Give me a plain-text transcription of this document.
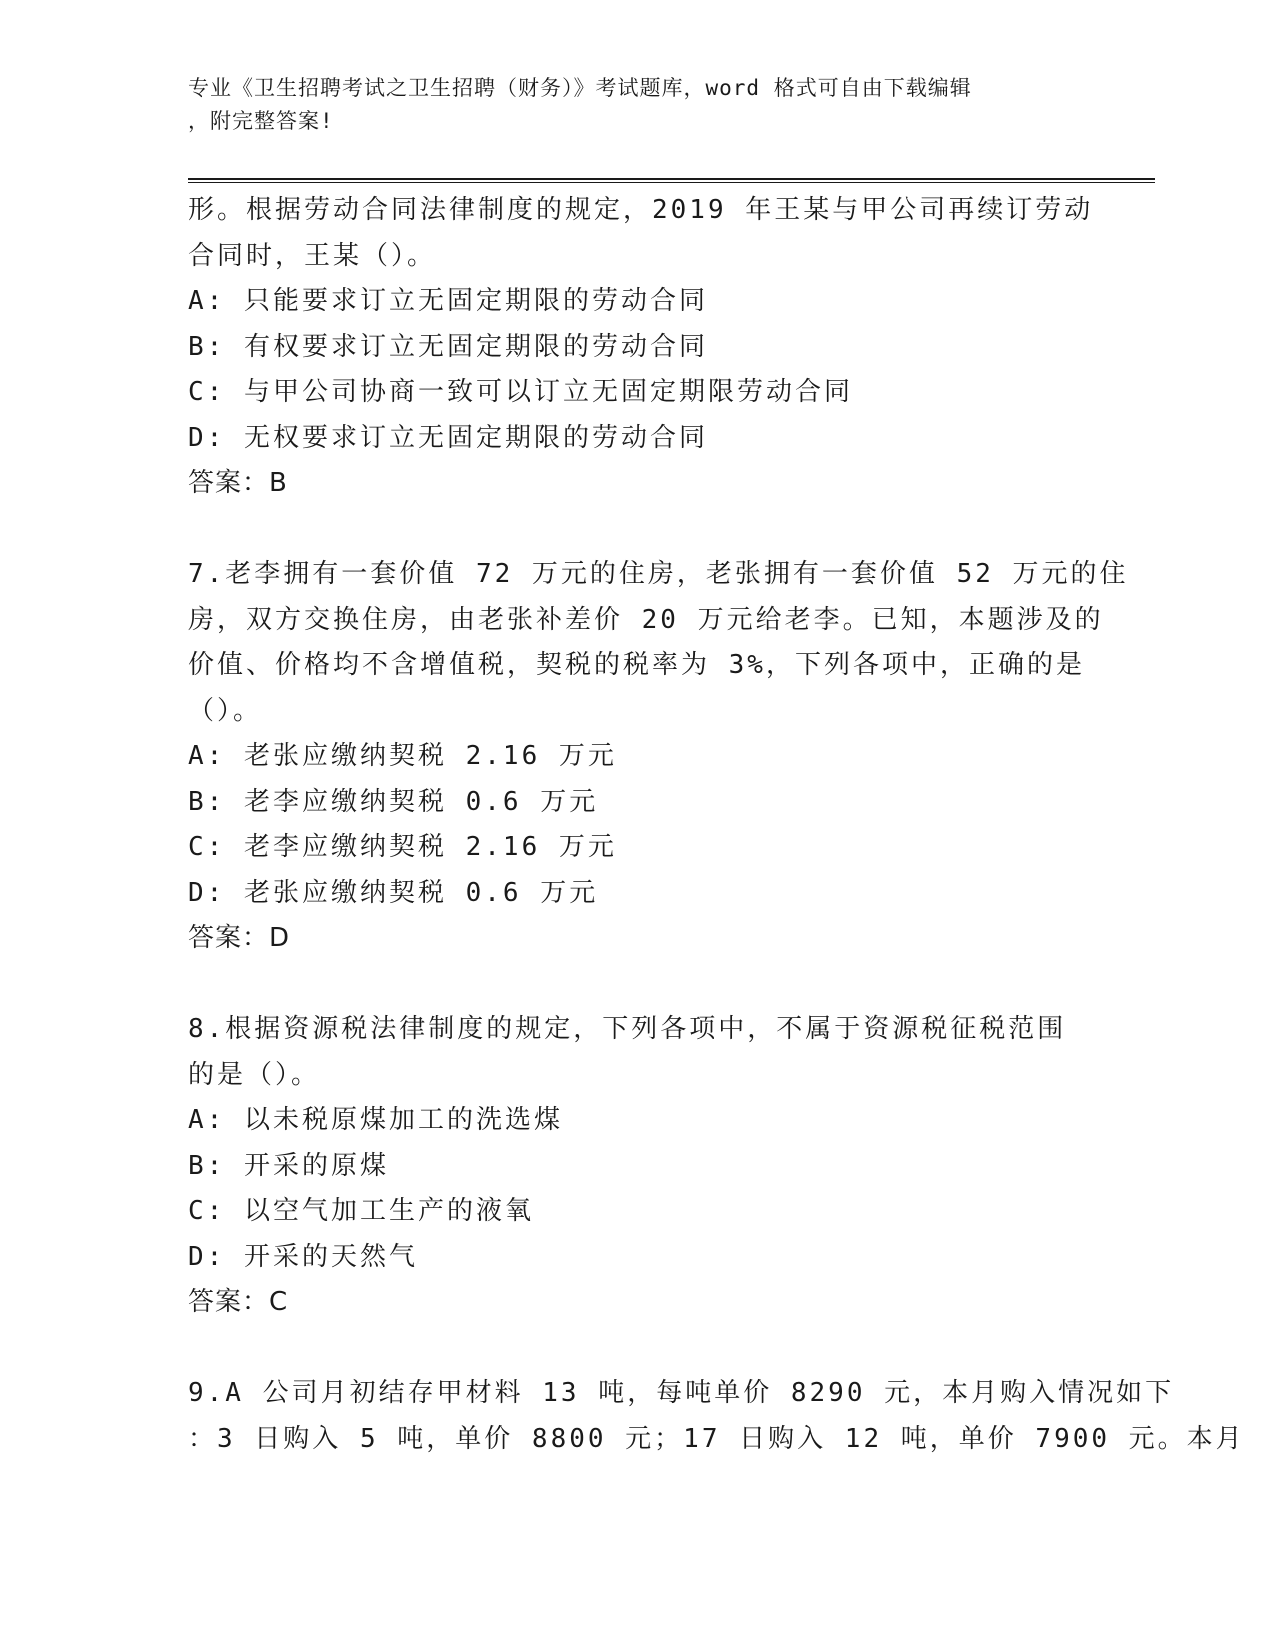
专业《卫生招聘考试之卫生招聘（财务）》考试题库，word 格式可自由下载编辑
，附完整答案!
形。根据劳动合同法律制度的规定，2019 年王某与甲公司再续订劳动
合同时，王某（）。
A: 只能要求订立无固定期限的劳动合同
B: 有权要求订立无固定期限的劳动合同
C: 与甲公司协商一致可以订立无固定期限劳动合同
D: 无权要求订立无固定期限的劳动合同
答案：B
7.老李拥有一套价值 72 万元的住房，老张拥有一套价值 52 万元的住
房，双方交换住房，由老张补差价 20 万元给老李。已知，本题涉及的
价值、价格均不含增值税，契税的税率为 3%，下列各项中，正确的是
（）。
A: 老张应缴纳契税 2.16 万元
B: 老李应缴纳契税 0.6 万元
C: 老李应缴纳契税 2.16 万元
D: 老张应缴纳契税 0.6 万元
答案：D
8.根据资源税法律制度的规定，下列各项中，不属于资源税征税范围
的是（）。
A: 以未税原煤加工的洗选煤
B: 开采的原煤
C: 以空气加工生产的液氧
D: 开采的天然气
答案：C
9.A 公司月初结存甲材料 13 吨，每吨单价 8290 元，本月购入情况如下
：3 日购入 5 吨，单价 8800 元；17 日购入 12 吨，单价 7900 元。本月
